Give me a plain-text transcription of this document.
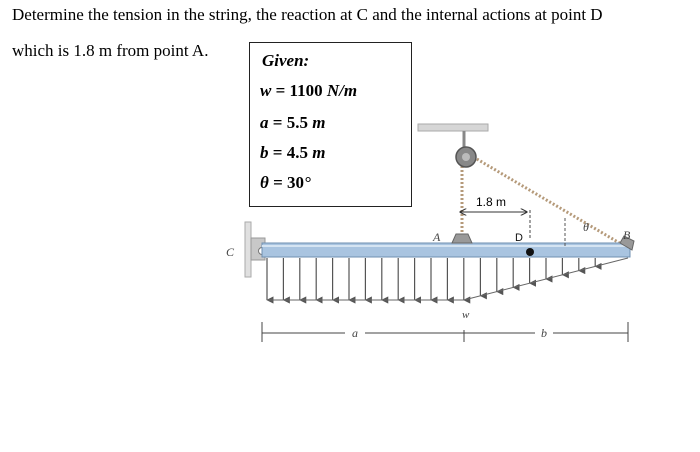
Determine the tension in the string, the reaction at C and the internal actions at point D
which is 1.8 m from point A.
Given:
w = 1100 N/m
a = 5.5 m
b = 4.5 m
θ = 30°
1.8 m
C
A	B
D
θ
w
a	b
